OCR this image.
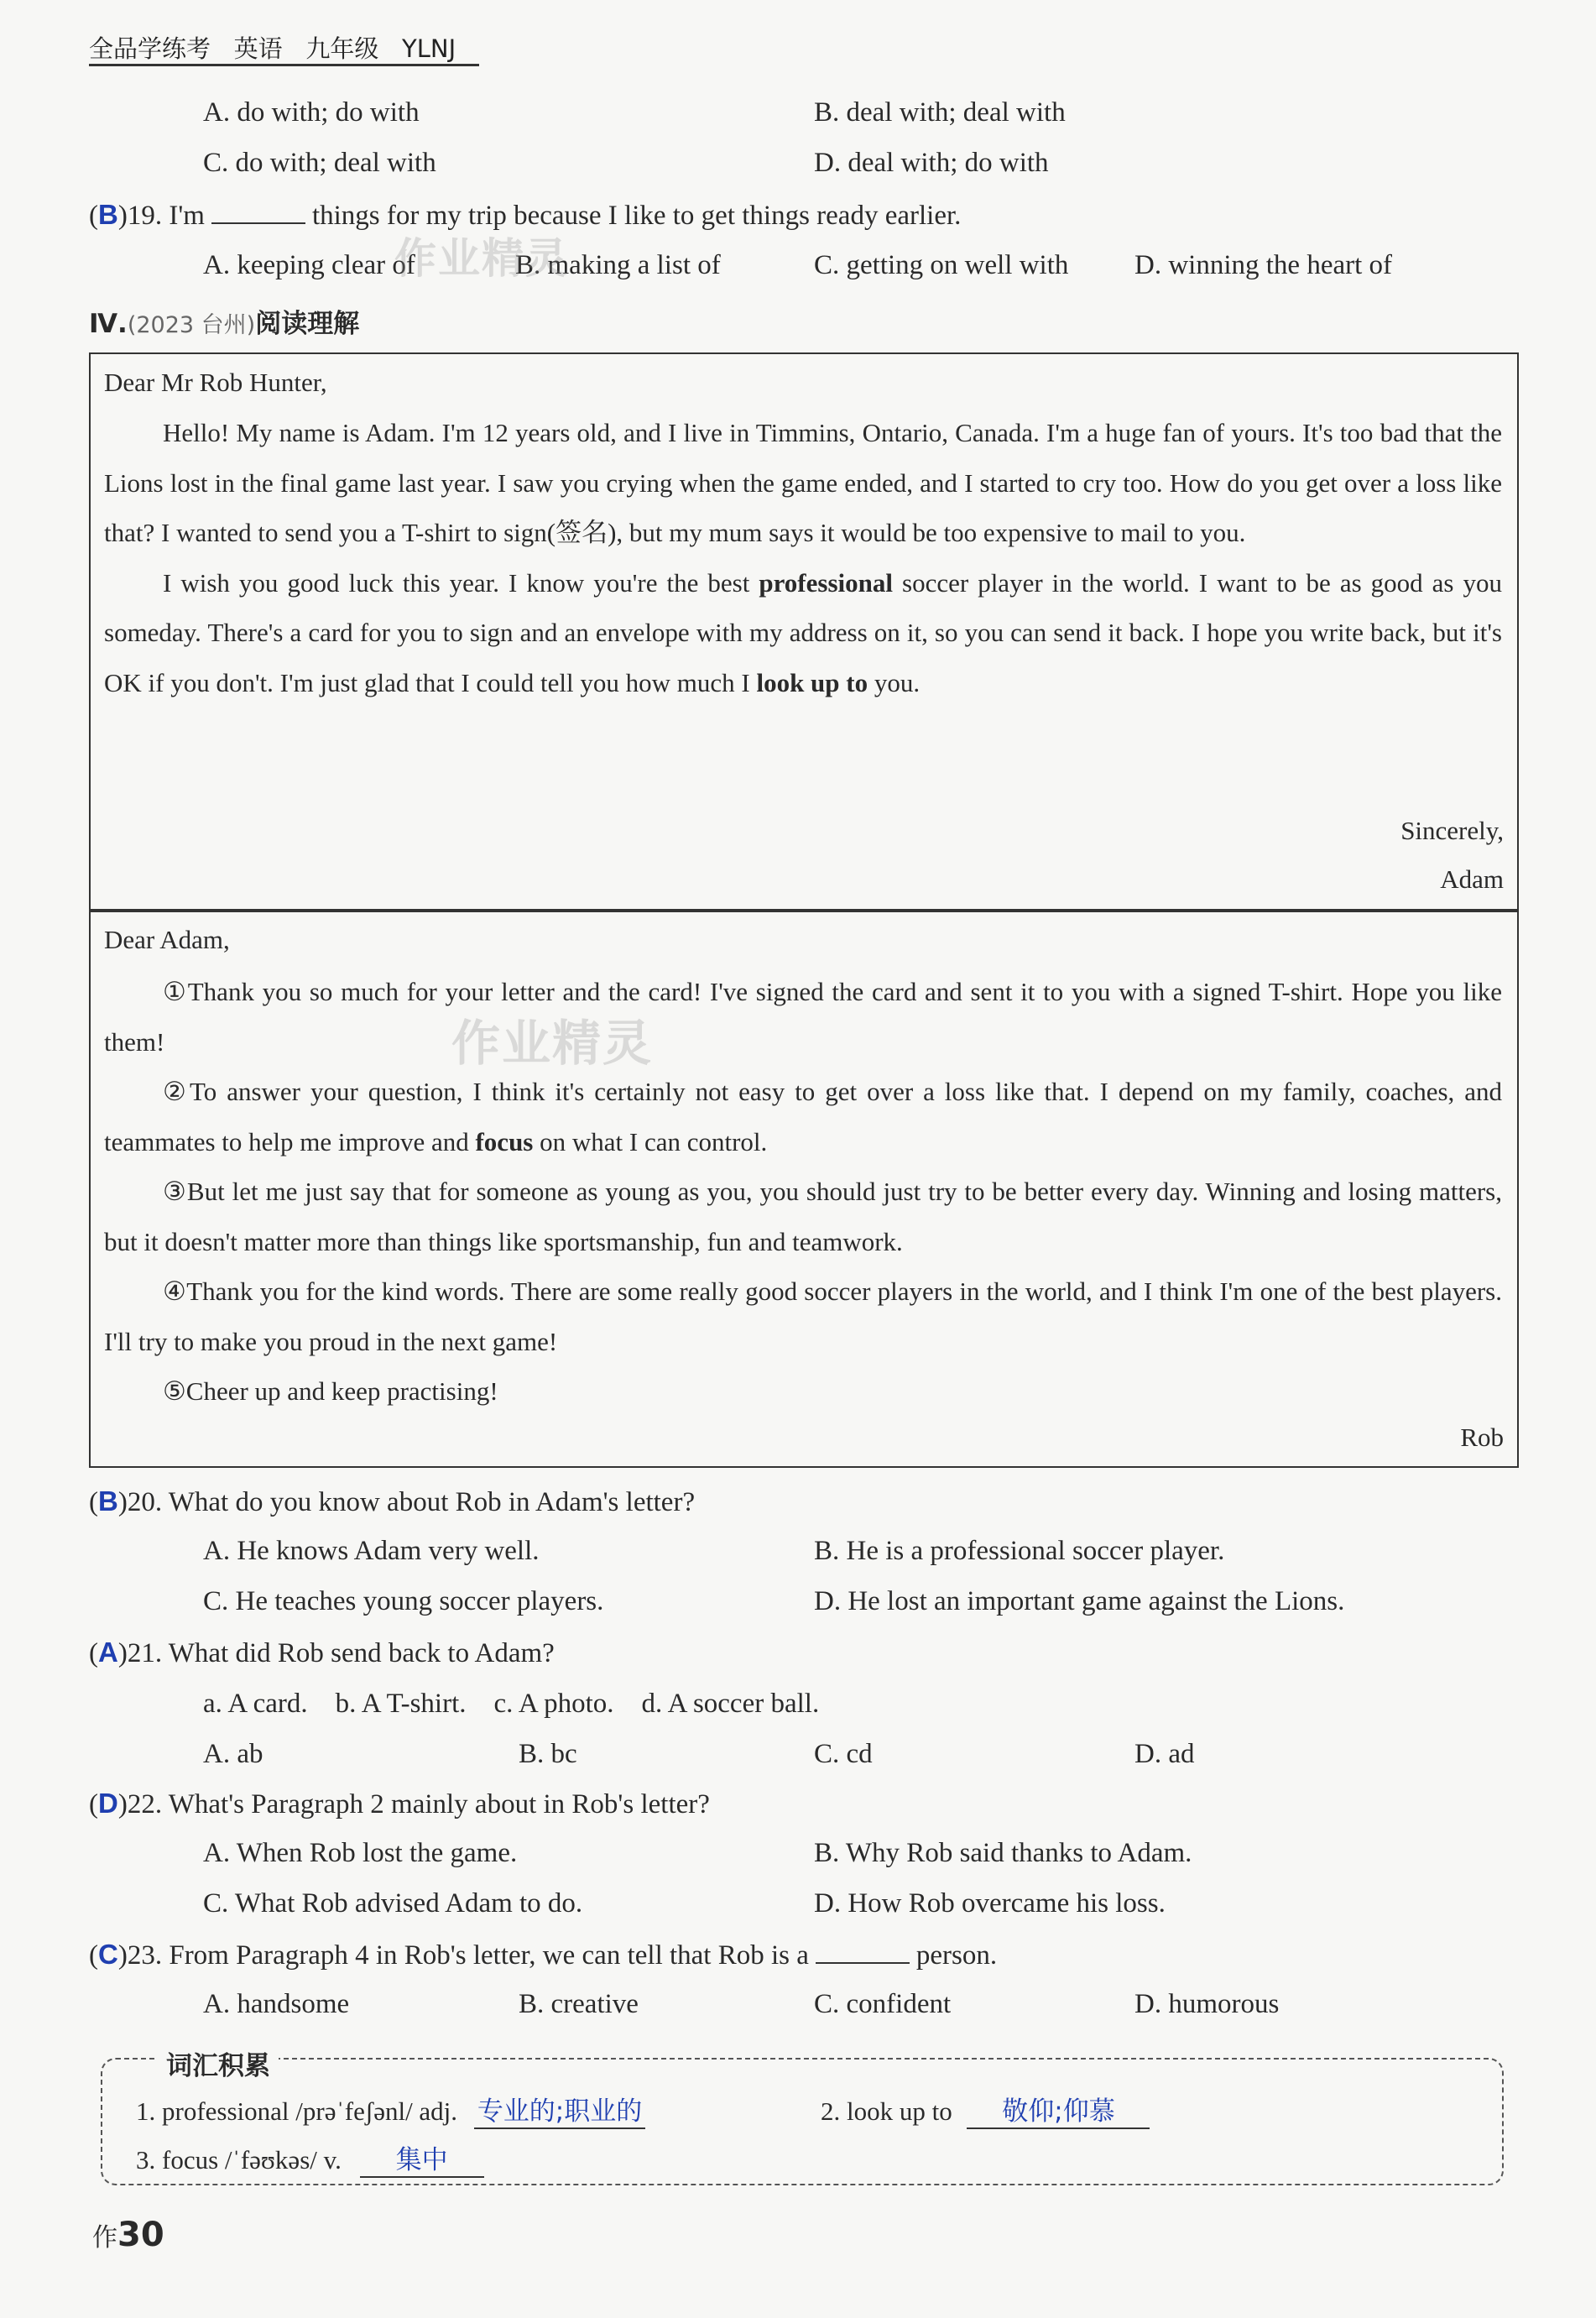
全品学练考 英语 九年级 YLNJ
A. do with; do with	B. deal with; deal with
C. do with; deal with	D. deal with; do with
(B)19. I'm	things for my trip because I like to get things ready earlier.
A. keeping clear of	B. making a list of	C. getting on well with D. winning the heart of
Ⅳ.(2023 台州)阅读理解
Dear Mr Rob Hunter,

Hello! My name is Adam. I'm 12 years old, and I live in Timmins, Ontario, Canada. I'm a huge fan of yours. It's too bad that the Lions lost in the final game last year. I saw you crying when the game ended, and I started to cry too. How do you get over a loss like that? I wanted to send you a T-shirt to sign(签名), but my mum says it would be too expensive to mail to you.

I wish you good luck this year. I know you're the best professional soccer player in the world. I want to be as good as you someday. There's a card for you to sign and an envelope with my address on it, so you can send it back. I hope you write back, but it's OK if you don't. I'm just glad that I could tell you how much I look up to you.

Sincerely,
Adam
Dear Adam,

①Thank you so much for your letter and the card! I've signed the card and sent it to you with a signed T-shirt. Hope you like them!

②To answer your question, I think it's certainly not easy to get over a loss like that. I depend on my family, coaches, and teammates to help me improve and focus on what I can control.

③But let me just say that for someone as young as you, you should just try to be better every day. Winning and losing matters, but it doesn't matter more than things like sportsmanship, fun and teamwork.

④Thank you for the kind words. There are some really good soccer players in the world, and I think I'm one of the best players. I'll try to make you proud in the next game!

⑤Cheer up and keep practising!

Rob
(B)20. What do you know about Rob in Adam's letter?
A. He knows Adam very well.	B. He is a professional soccer player.
C. He teaches young soccer players.	D. He lost an important game against the Lions.
(A)21. What did Rob send back to Adam?
a. A card.    b. A T-shirt.    c. A photo.    d. A soccer ball.
A. ab	B. bc	C. cd	D. ad
(D)22. What's Paragraph 2 mainly about in Rob's letter?
A. When Rob lost the game.	B. Why Rob said thanks to Adam.
C. What Rob advised Adam to do.	D. How Rob overcame his loss.
(C)23. From Paragraph 4 in Rob's letter, we can tell that Rob is a	person.
A. handsome	B. creative	C. confident	D. humorous
词汇积累
1. professional /prəˈfeʃənl/ adj. 专业的;职业的	2. look up to 敬仰;仰慕
3. focus /ˈfəʊkəs/ v. 集中
作30
作业精灵
作业精灵
